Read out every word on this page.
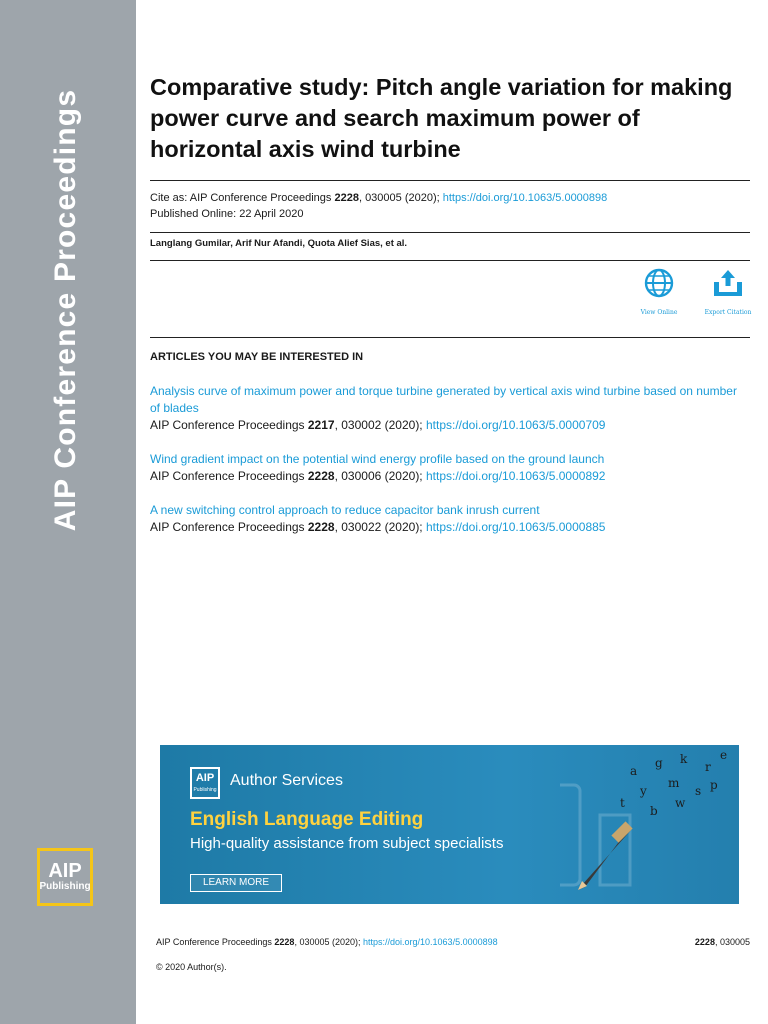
AIP Conference Proceedings
AIP
Publishing
Comparative study: Pitch angle variation for making power curve and search maximum power of horizontal axis wind turbine
Cite as: AIP Conference Proceedings 2228, 030005 (2020); https://doi.org/10.1063/5.0000898
Published Online: 22 April 2020
Langlang Gumilar, Arif Nur Afandi, Quota Alief Sias, et al.
View Online	Export Citation
ARTICLES YOU MAY BE INTERESTED IN
Analysis curve of maximum power and torque turbine generated by vertical axis wind turbine based on number of blades
AIP Conference Proceedings 2217, 030002 (2020); https://doi.org/10.1063/5.0000709
Wind gradient impact on the potential wind energy profile based on the ground launch
AIP Conference Proceedings 2228, 030006 (2020); https://doi.org/10.1063/5.0000892
A new switching control approach to reduce capacitor bank inrush current
AIP Conference Proceedings 2228, 030022 (2020); https://doi.org/10.1063/5.0000885
AIP
Publishing
Author Services
English Language Editing
High-quality assistance from subject specialists
LEARN MORE
a
g k
r
e
y
m
s
t
b
p
w
AIP Conference Proceedings 2228, 030005 (2020); https://doi.org/10.1063/5.0000898	2228, 030005
© 2020 Author(s).
